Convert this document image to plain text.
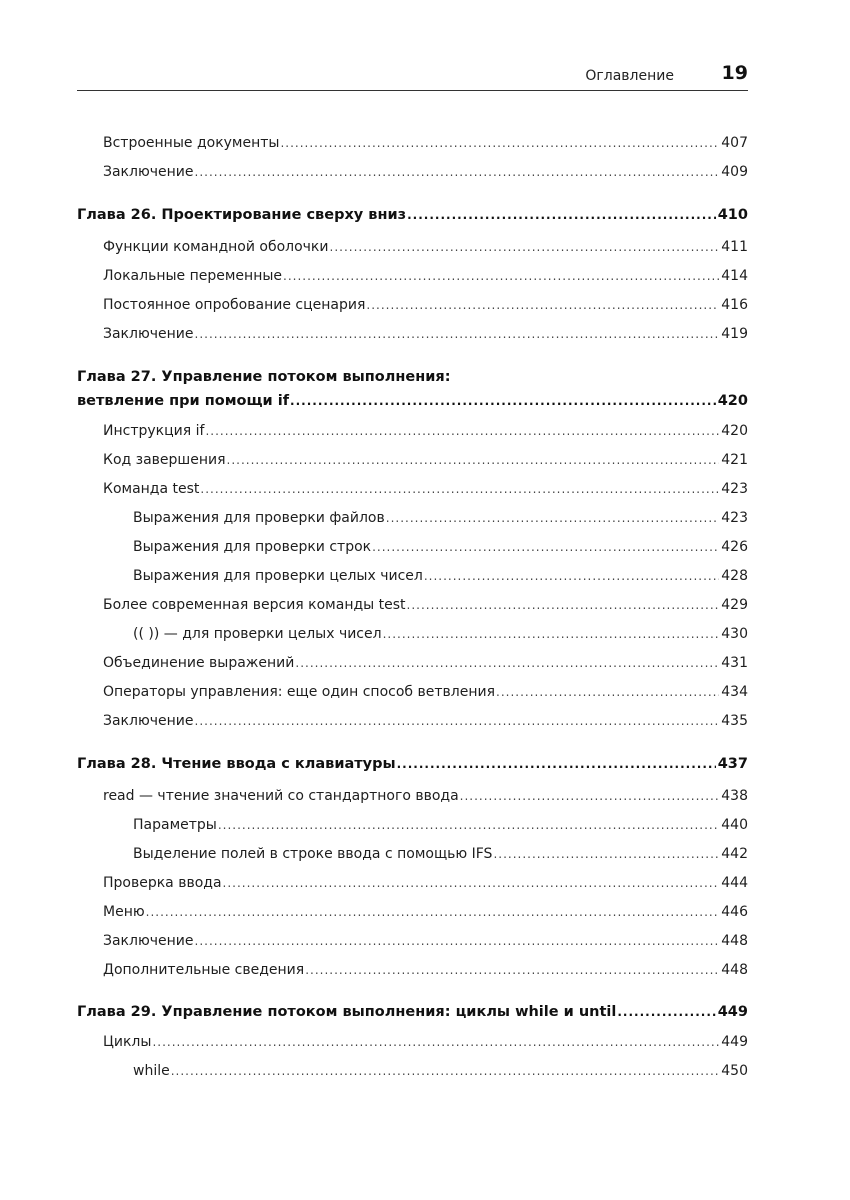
Оглавление	19
Встроенные документы .....	407
Заключение .....	409
Глава 26. Проектирование сверху вниз .....	410
Функции командной оболочки .....	411
Локальные переменные .....	414
Постоянное опробование сценария .....	416
Заключение .....	419
Глава 27. Управление потоком выполнения:
ветвление при помощи if .....	420
Инструкция if .....	420
Код завершения .....	421
Команда test .....	423
Выражения для проверки файлов .....	423
Выражения для проверки строк .....	426
Выражения для проверки целых чисел .....	428
Более современная версия команды test .....	429
(( )) — для проверки целых чисел .....	430
Объединение выражений .....	431
Операторы управления: еще один способ ветвления .....	434
Заключение .....	435
Глава 28. Чтение ввода с клавиатуры .....	437
read — чтение значений со стандартного ввода .....	438
Параметры .....	440
Выделение полей в строке ввода с помощью IFS .....	442
Проверка ввода .....	444
Меню .....	446
Заключение .....	448
Дополнительные сведения .....	448
Глава 29. Управление потоком выполнения: циклы while и until .....	449
Циклы .....	449
while .....	450
